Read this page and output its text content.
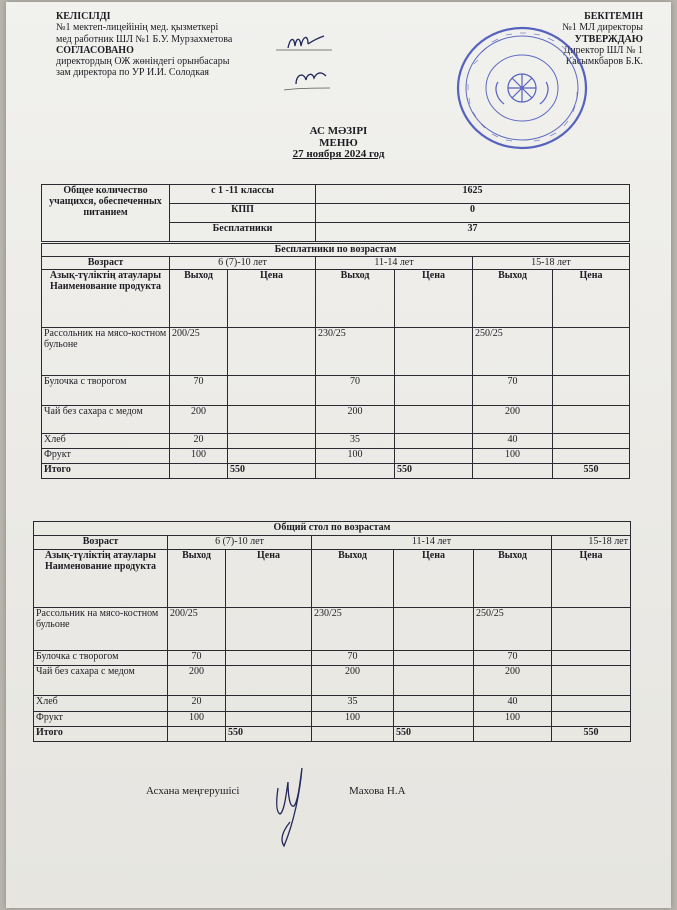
КЕЛІСІЛДІ
№1 мектеп-лицейінің мед. қызметкері
мед работник ШЛ №1 Б.У. Мурзахметова
СОГЛАСОВАНО
директордың ОЖ жөніндегі орынбасары
зам директора по УР И.И. Солодкая
БЕКІТЕМІН
№1 МЛ директоры
УТВЕРЖДАЮ
Директор ШЛ № 1
Касымкбаров Б.К.
АС МӘЗІРІ
МЕНЮ
27 ноября 2024 год
Общее количество учащихся, обеспеченных питанием	с 1 -11 классы	1625
	КПП	0
	Бесплатники	37
Бесплатники по возрастам						
Возраст	6 (7)-10 лет		11-14 лет		15-18 лет	
Азық-түліктің атаулары Наименование продукта	Выход	Цена	Выход	Цена	Выход	Цена
Рассольник на мясо-костном бульоне	200/25		230/25		250/25	
Булочка с творогом	70		70		70	
Чай без сахара с медом	200		200		200	
Хлеб	20		35		40	
Фрукт	100		100		100	
Итого		550		550		550
Общий стол по возрастам						
Возраст	6 (7)-10 лет		11-14 лет			15-18 лет
Азық-түліктің атаулары Наименование продукта	Выход	Цена	Выход	Цена	Выход	Цена
Рассольник на мясо-костном бульоне	200/25		230/25		250/25	
Булочка с творогом	70		70		70	
Чай без сахара с медом	200		200		200	
Хлеб	20		35		40	
Фрукт	100		100		100	
Итого		550		550		550
Асхана меңгерушісі	Махова Н.А
